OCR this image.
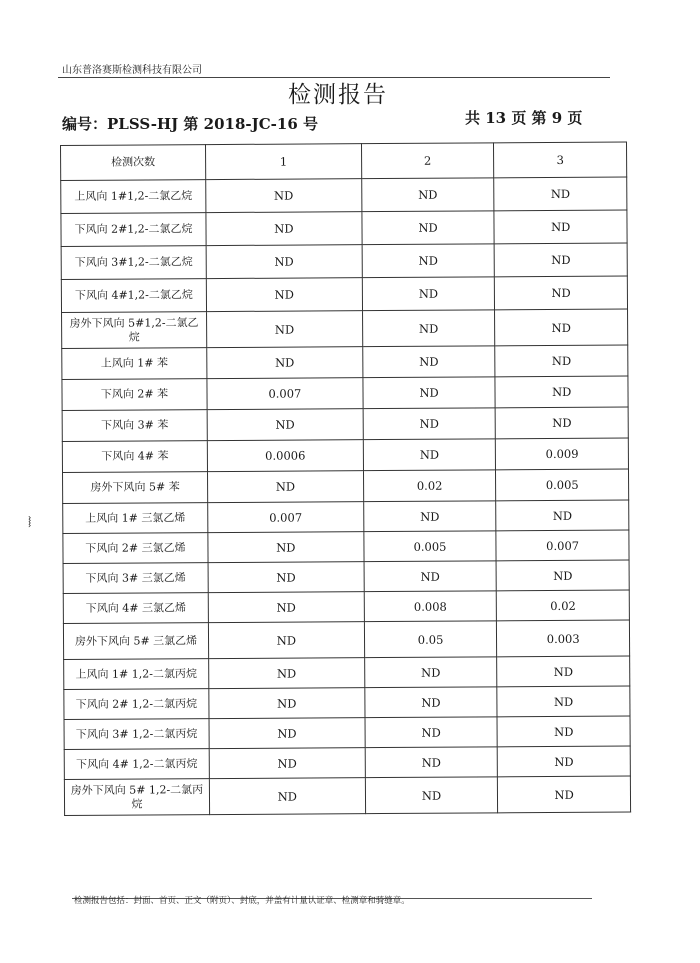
山东普洛赛斯检测科技有限公司
检测报告
编号：PLSS-HJ 第 2018-JC-16 号	共 13 页 第 9 页
检测次数	1	2	3
上风向 1#1,2-二氯乙烷	ND	ND	ND
下风向 2#1,2-二氯乙烷	ND	ND	ND
下风向 3#1,2-二氯乙烷	ND	ND	ND
下风向 4#1,2-二氯乙烷	ND	ND	ND
房外下风向 5#1,2-二氯乙烷	ND	ND	ND
上风向 1# 苯	ND	ND	ND
下风向 2# 苯	0.007	ND	ND
下风向 3# 苯	ND	ND	ND
下风向 4# 苯	0.0006	ND	0.009
房外下风向 5# 苯	ND	0.02	0.005
上风向 1# 三氯乙烯	0.007	ND	ND
下风向 2# 三氯乙烯	ND	0.005	0.007
下风向 3# 三氯乙烯	ND	ND	ND
下风向 4# 三氯乙烯	ND	0.008	0.02
房外下风向 5# 三氯乙烯	ND	0.05	0.003
上风向 1# 1,2-二氯丙烷	ND	ND	ND
下风向 2# 1,2-二氯丙烷	ND	ND	ND
下风向 3# 1,2-二氯丙烷	ND	ND	ND
下风向 4# 1,2-二氯丙烷	ND	ND	ND
房外下风向 5# 1,2-二氯丙烷	ND	ND	ND
⧘
检测报告包括：封面、首页、正文（附页）、封底，并盖有计量认证章、检测章和骑缝章。
